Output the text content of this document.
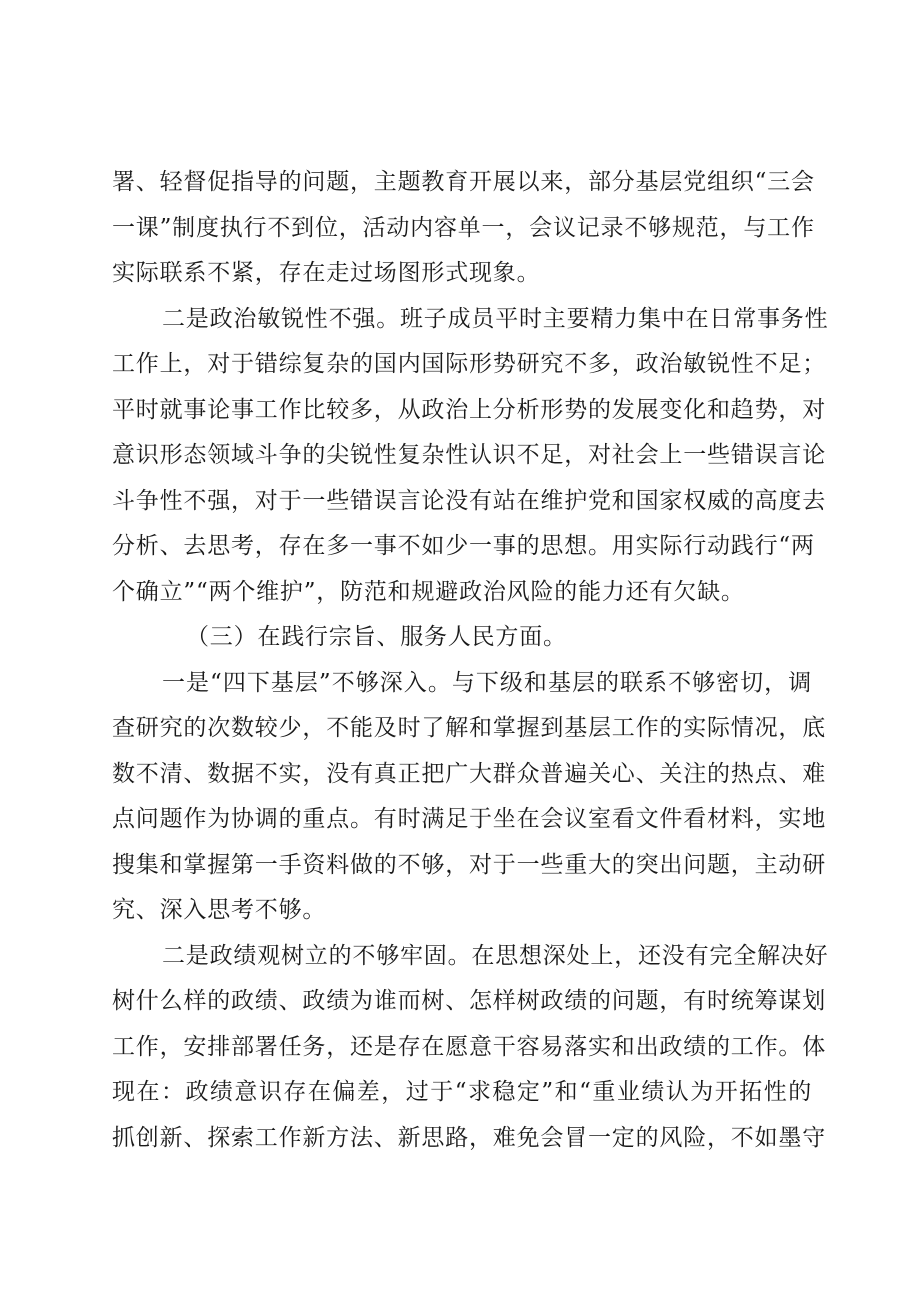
署、轻督促指导的问题，主题教育开展以来，部分基层党组织“三会
一课”制度执行不到位，活动内容单一，会议记录不够规范，与工作
实际联系不紧，存在走过场图形式现象。
二是政治敏锐性不强。班子成员平时主要精力集中在日常事务性
工作上，对于错综复杂的国内国际形势研究不多，政治敏锐性不足；
平时就事论事工作比较多，从政治上分析形势的发展变化和趋势，对
意识形态领域斗争的尖锐性复杂性认识不足，对社会上一些错误言论
斗争性不强，对于一些错误言论没有站在维护党和国家权威的高度去
分析、去思考，存在多一事不如少一事的思想。用实际行动践行“两
个确立”“两个维护”，防范和规避政治风险的能力还有欠缺。
（三）在践行宗旨、服务人民方面。
一是“四下基层”不够深入。与下级和基层的联系不够密切，调
查研究的次数较少，不能及时了解和掌握到基层工作的实际情况，底
数不清、数据不实，没有真正把广大群众普遍关心、关注的热点、难
点问题作为协调的重点。有时满足于坐在会议室看文件看材料，实地
搜集和掌握第一手资料做的不够，对于一些重大的突出问题，主动研
究、深入思考不够。
二是政绩观树立的不够牢固。在思想深处上，还没有完全解决好
树什么样的政绩、政绩为谁而树、怎样树政绩的问题，有时统筹谋划
工作，安排部署任务，还是存在愿意干容易落实和出政绩的工作。体
现在：政绩意识存在偏差，过于“求稳定”和“重业绩认为开拓性的
抓创新、探索工作新方法、新思路，难免会冒一定的风险，不如墨守
